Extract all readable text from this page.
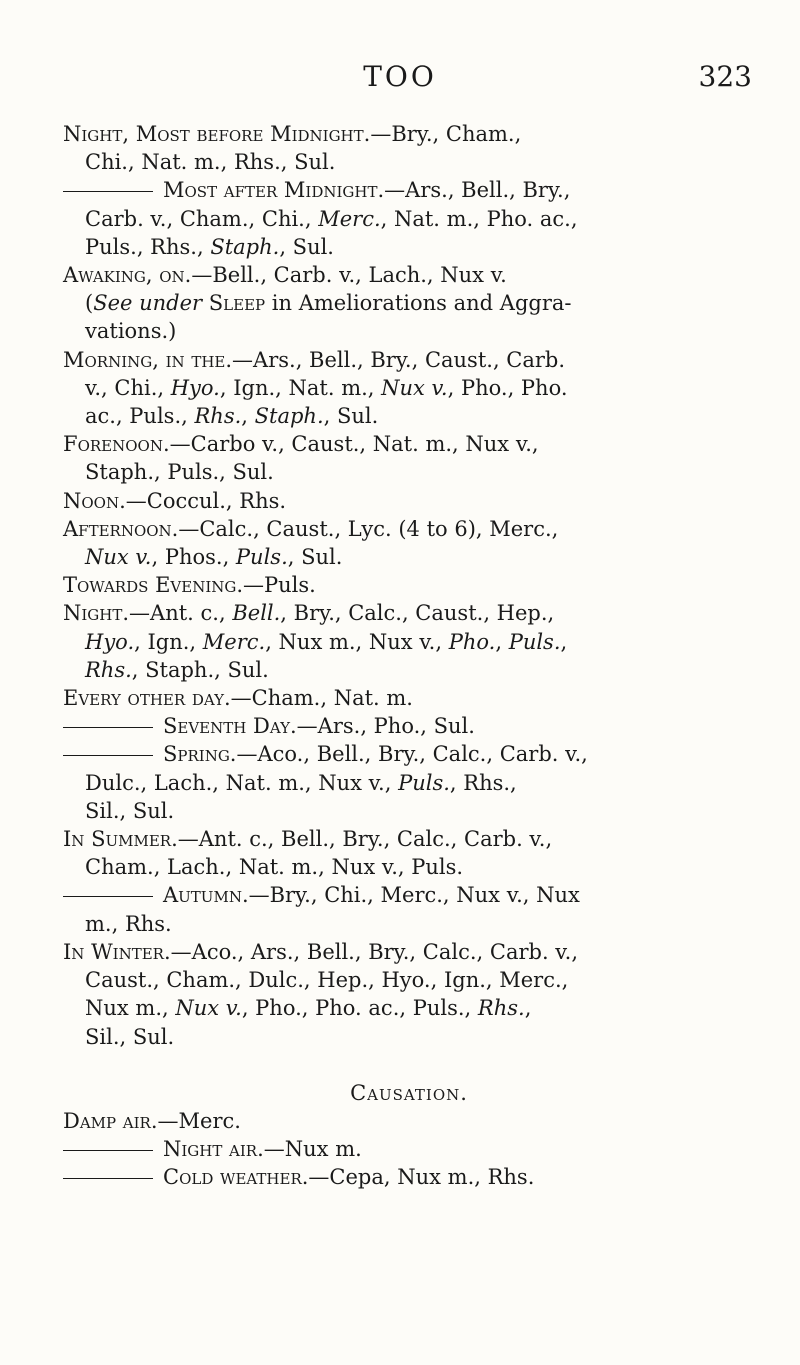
TOO	323

Night, Most before Midnight.—Bry., Cham.,
Chi., Nat. m., Rhs., Sul.

Most after Midnight.—Ars., Bell., Bry.,
Carb. v., Cham., Chi., Merc., Nat. m., Pho. ac.,
Puls., Rhs., Staph., Sul.

Awaking, on.—Bell., Carb. v., Lach., Nux v.
(See under Sleep in Ameliorations and Aggra-
vations.)

Morning, in the.—Ars., Bell., Bry., Caust., Carb.
v., Chi., Hyo., Ign., Nat. m., Nux v., Pho., Pho.
ac., Puls., Rhs., Staph., Sul.

Forenoon.—Carbo v., Caust., Nat. m., Nux v.,
Staph., Puls., Sul.

Noon.—Coccul., Rhs.

Afternoon.—Calc., Caust., Lyc. (4 to 6), Merc.,
Nux v., Phos., Puls., Sul.

Towards Evening.—Puls.

Night.—Ant. c., Bell., Bry., Calc., Caust., Hep.,
Hyo., Ign., Merc., Nux m., Nux v., Pho., Puls.,
Rhs., Staph., Sul.

Every other day.—Cham., Nat. m.

Seventh Day.—Ars., Pho., Sul.

Spring.—Aco., Bell., Bry., Calc., Carb. v.,
Dulc., Lach., Nat. m., Nux v., Puls., Rhs.,
Sil., Sul.

In Summer.—Ant. c., Bell., Bry., Calc., Carb. v.,
Cham., Lach., Nat. m., Nux v., Puls.

Autumn.—Bry., Chi., Merc., Nux v., Nux
m., Rhs.

In Winter.—Aco., Ars., Bell., Bry., Calc., Carb. v.,
Caust., Cham., Dulc., Hep., Hyo., Ign., Merc.,
Nux m., Nux v., Pho., Pho. ac., Puls., Rhs.,
Sil., Sul.

Causation.

Damp air.—Merc.

Night air.—Nux m.

Cold weather.—Cepa, Nux m., Rhs.
